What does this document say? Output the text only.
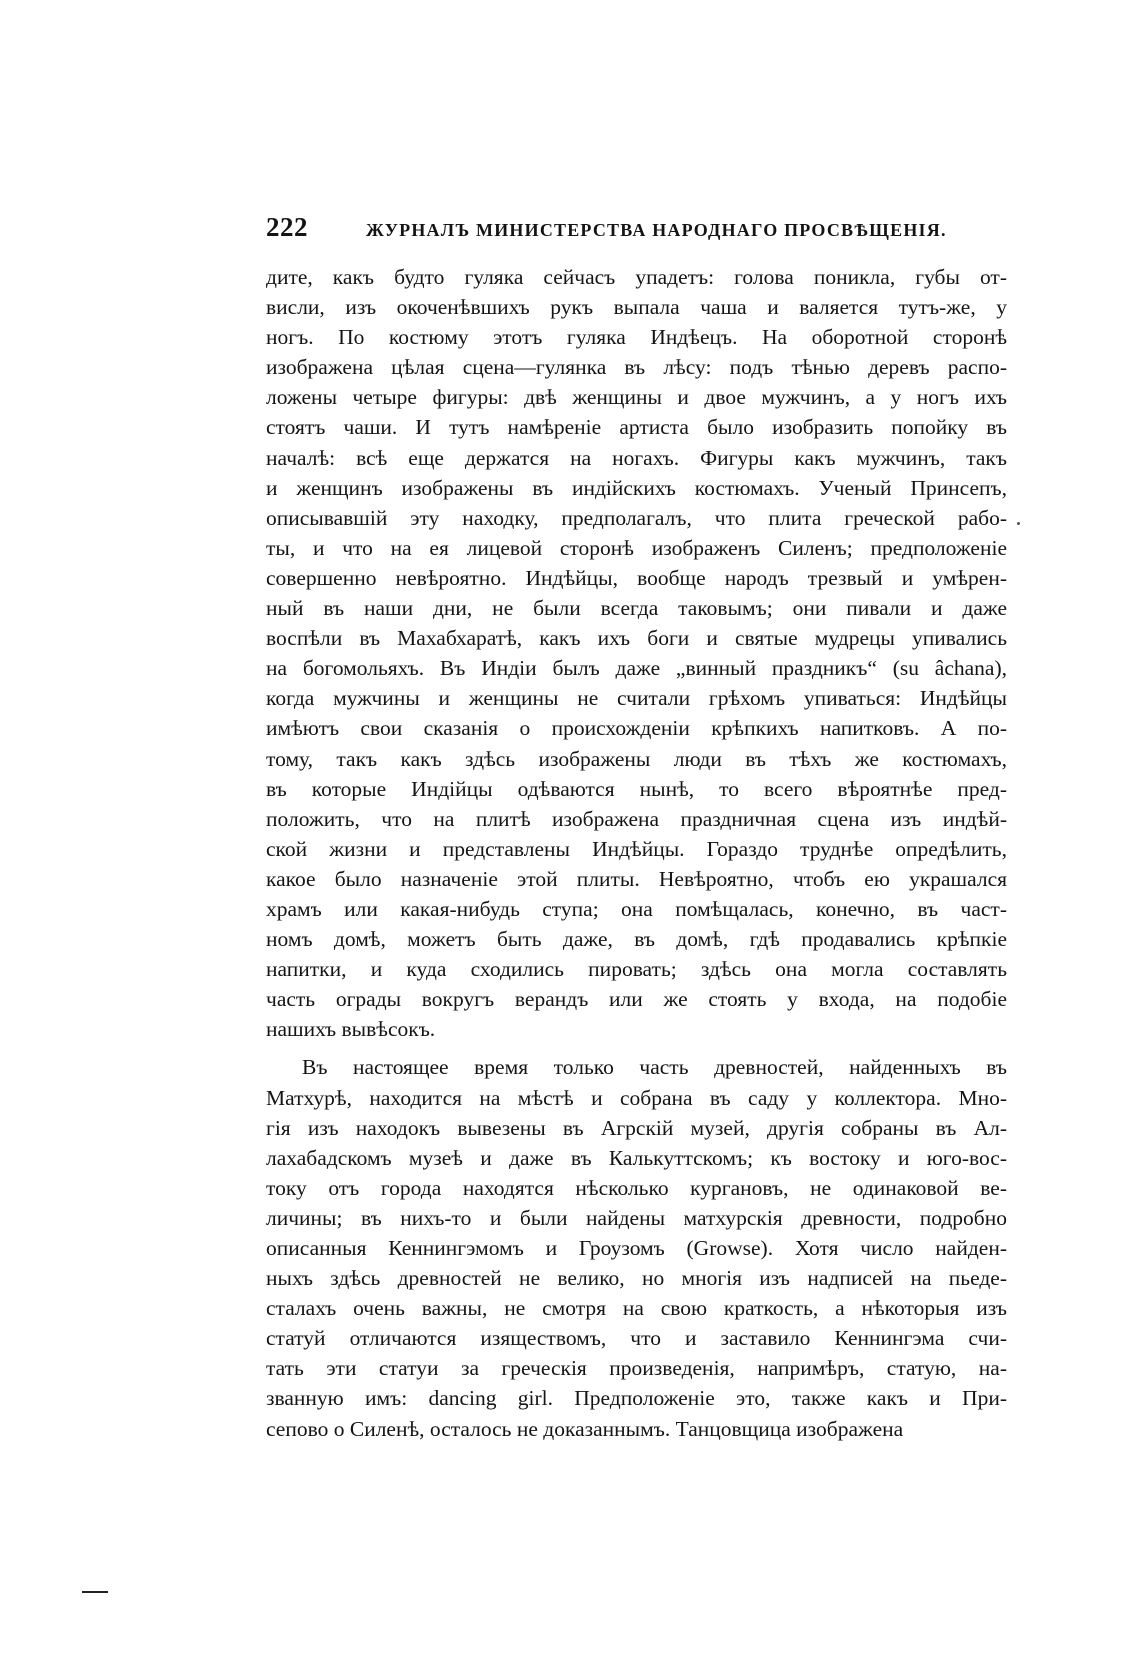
222	ЖУРНАЛЪ МИНИСТЕРСТВА НАРОДНАГО ПРОСВѢЩЕНІЯ.
дите, какъ будто гуляка сейчасъ упадетъ: голова поникла, губы от-
висли, изъ окоченѣвшихъ рукъ выпала чаша и валяется тутъ-же, у
ногъ. По костюму этотъ гуляка Индѣецъ. На оборотной сторонѣ
изображена цѣлая сцена—гулянка въ лѣсу: подъ тѣнью деревъ распо-
ложены четыре фигуры: двѣ женщины и двое мужчинъ, а у ногъ ихъ
стоятъ чаши. И тутъ намѣреніе артиста было изобразить попойку въ
началѣ: всѣ еще держатся на ногахъ. Фигуры какъ мужчинъ, такъ
и женщинъ изображены въ индійскихъ костюмахъ. Ученый Принсепъ,
описывавшій эту находку, предполагалъ, что плита греческой рабо-
ты, и что на ея лицевой сторонѣ изображенъ Силенъ; предположеніе
совершенно невѣроятно. Индѣйцы, вообще народъ трезвый и умѣрен-
ный въ наши дни, не были всегда таковымъ; они пивали и даже
воспѣли въ Махабхаратѣ, какъ ихъ боги и святые мудрецы упивались
на богомольяхъ. Въ Индіи былъ даже „винный праздникъ“ (su âchana),
когда мужчины и женщины не считали грѣхомъ упиваться: Индѣйцы
имѣютъ свои сказанія о происхожденіи крѣпкихъ напитковъ. А по-
тому, такъ какъ здѣсь изображены люди въ тѣхъ же костюмахъ,
въ которые Индійцы одѣваются нынѣ, то всего вѣроятнѣе пред-
положить, что на плитѣ изображена праздничная сцена изъ индѣй-
ской жизни и представлены Индѣйцы. Гораздо труднѣе опредѣлить,
какое было назначеніе этой плиты. Невѣроятно, чтобъ ею украшался
храмъ или какая-нибудь ступа; она помѣщалась, конечно, въ част-
номъ домѣ, можетъ быть даже, въ домѣ, гдѣ продавались крѣпкіе
напитки, и куда сходились пировать; здѣсь она могла составлять
часть ограды вокругъ верандъ или же стоять у входа, на подобіе
нашихъ вывѣсокъ.
Въ настоящее время только часть древностей, найденныхъ въ
Матхурѣ, находится на мѣстѣ и собрана въ саду у коллектора. Мно-
гія изъ находокъ вывезены въ Агрскій музей, другія собраны въ Ал-
лахабадскомъ музеѣ и даже въ Калькуттскомъ; къ востоку и юго-вос-
току отъ города находятся нѣсколько кургановъ, не одинаковой ве-
личины; въ нихъ-то и были найдены матхурскія древности, подробно
описанныя Кеннингэмомъ и Гроузомъ (Growse). Хотя число найден-
ныхъ здѣсь древностей не велико, но многія изъ надписей на пьеде-
сталахъ очень важны, не смотря на свою краткость, а нѣкоторыя изъ
статуй отличаются изяществомъ, что и заставило Кеннингэма счи-
тать эти статуи за греческія произведенія, напримѣръ, статую, на-
званную имъ: dancing girl. Предположеніе это, также какъ и При-
сепово о Силенѣ, осталось не доказаннымъ. Танцовщица изображена
